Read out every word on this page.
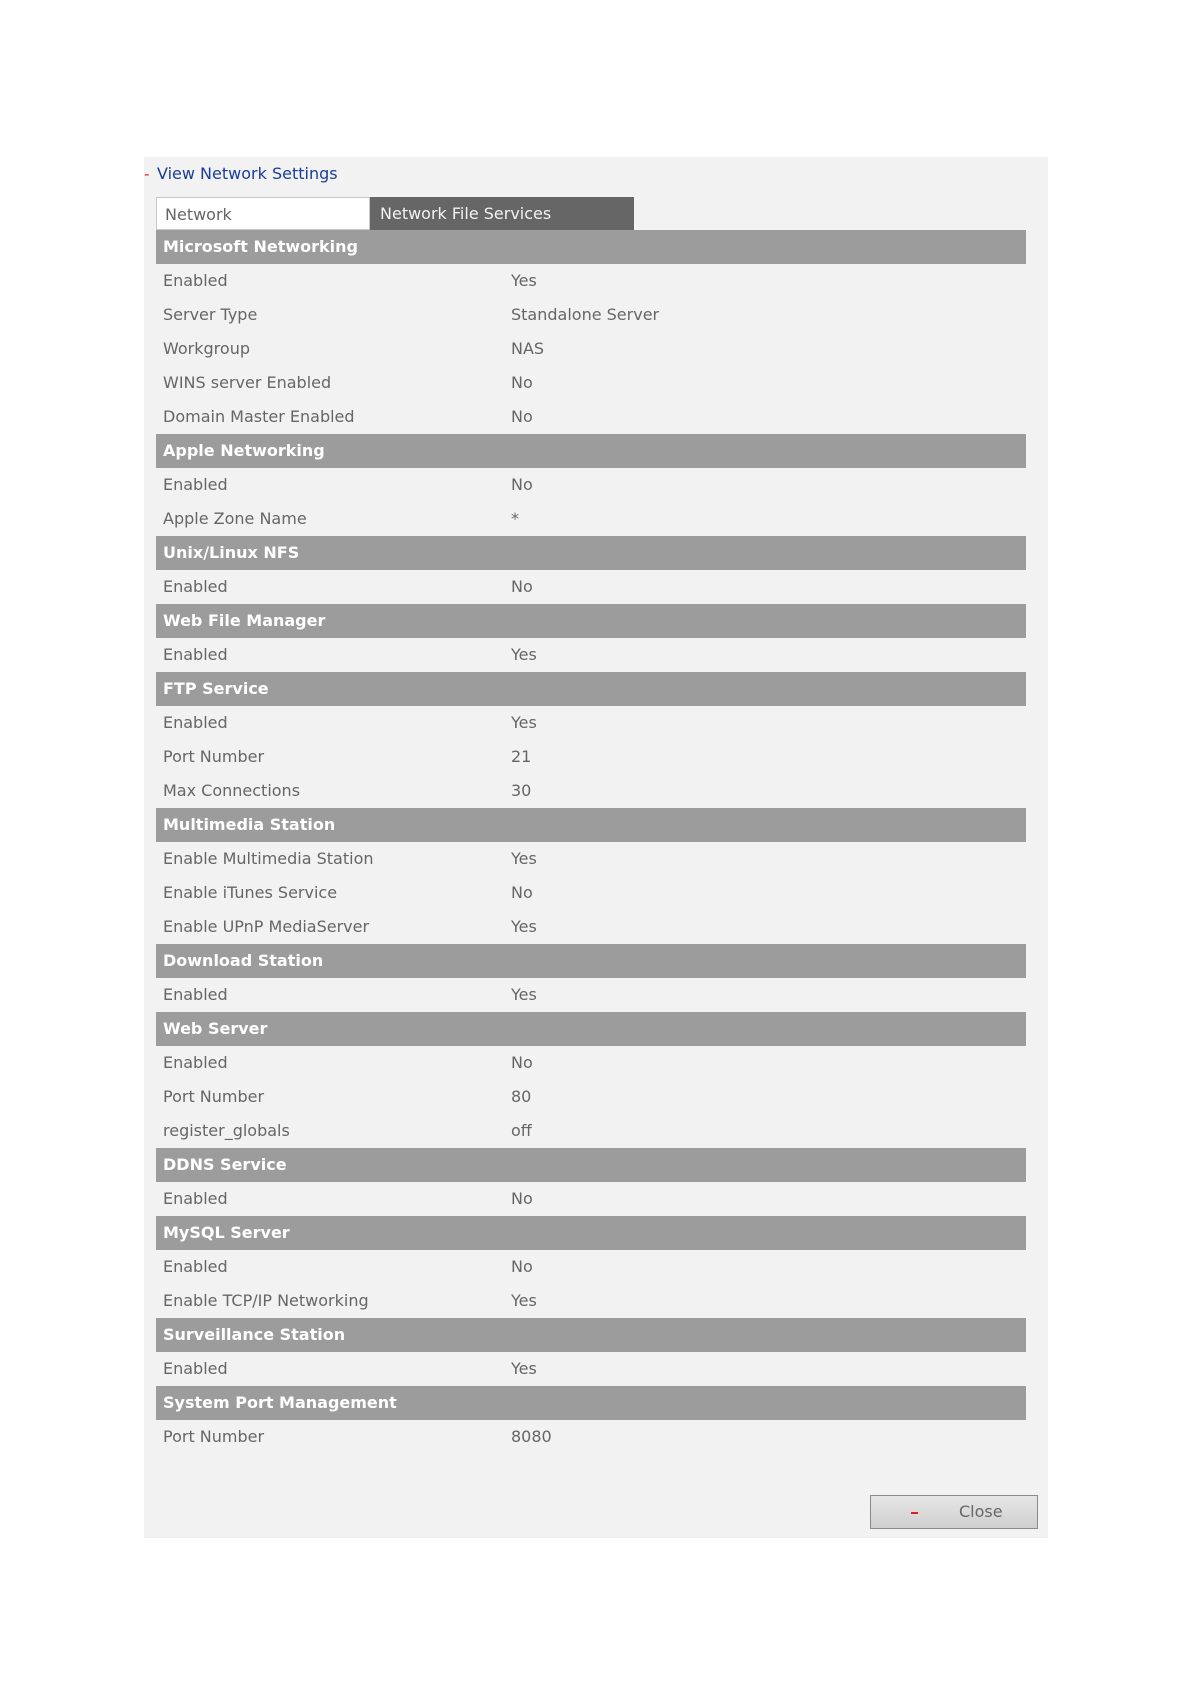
- View Network Settings
Network	Network File Services
Microsoft Networking
Enabled	Yes
Server Type	Standalone Server
Workgroup	NAS
WINS server Enabled	No
Domain Master Enabled	No
Apple Networking
Enabled	No
Apple Zone Name	*
Unix/Linux NFS
Enabled	No
Web File Manager
Enabled	Yes
FTP Service
Enabled	Yes
Port Number	21
Max Connections	30
Multimedia Station
Enable Multimedia Station	Yes
Enable iTunes Service	No
Enable UPnP MediaServer	Yes
Download Station
Enabled	Yes
Web Server
Enabled	No
Port Number	80
register_globals	off
DDNS Service
Enabled	No
MySQL Server
Enabled	No
Enable TCP/IP Networking	Yes
Surveillance Station
Enabled	Yes
System Port Management
Port Number	8080
Close
